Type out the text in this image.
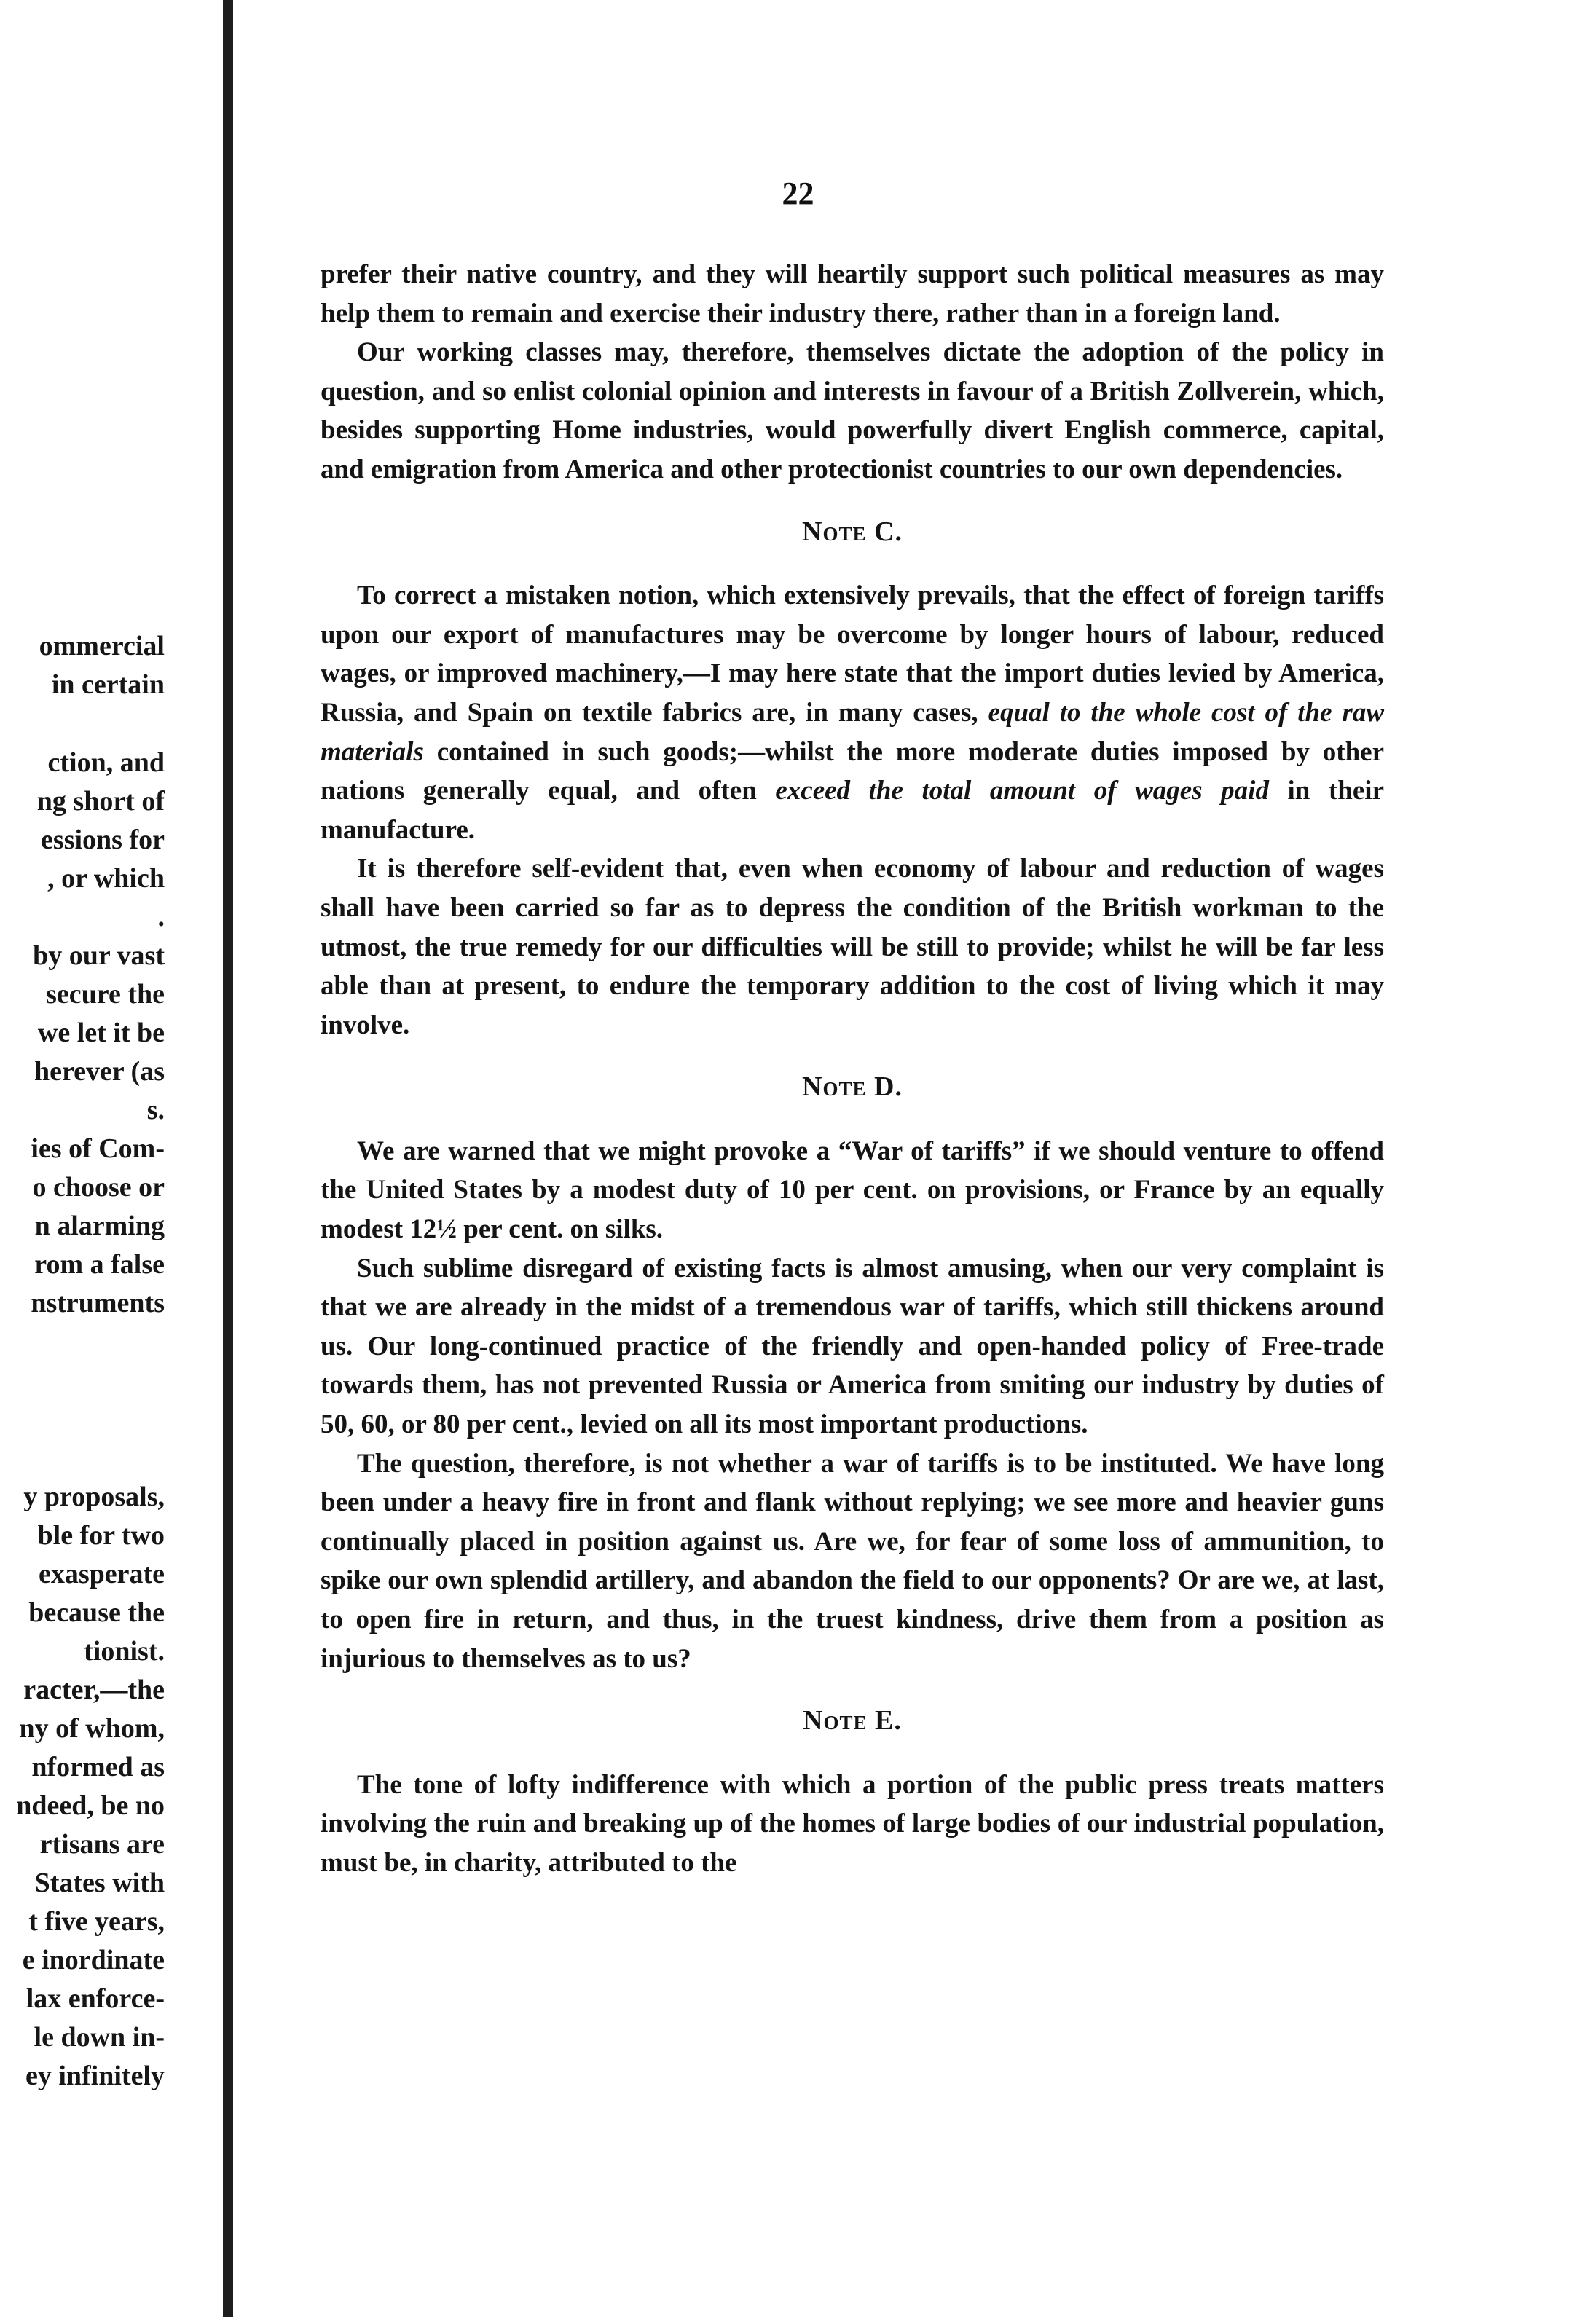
ommercial
in certain
ction, and
ng short of
essions for
, or which
.
by our vast
secure the
we let it be
herever (as
s.
ies of Com-
o choose or
n alarming
rom a false
nstruments
y proposals,
ble for two
exasperate
because the
tionist.
racter,—the
ny of whom,
nformed as
ndeed, be no
rtisans are
States with
t five years,
e inordinate
lax enforce-
le down in-
ey infinitely
22

prefer their native country, and they will heartily support such political measures as may help them to remain and exercise their industry there, rather than in a foreign land.

Our working classes may, therefore, themselves dictate the adoption of the policy in question, and so enlist colonial opinion and interests in favour of a British Zollverein, which, besides supporting Home industries, would powerfully divert English commerce, capital, and emigration from America and other protectionist countries to our own dependencies.

Note C.

To correct a mistaken notion, which extensively prevails, that the effect of foreign tariffs upon our export of manufactures may be overcome by longer hours of labour, reduced wages, or improved machinery,—I may here state that the import duties levied by America, Russia, and Spain on textile fabrics are, in many cases, equal to the whole cost of the raw materials contained in such goods;—whilst the more moderate duties imposed by other nations generally equal, and often exceed the total amount of wages paid in their manufacture.

It is therefore self-evident that, even when economy of labour and reduction of wages shall have been carried so far as to depress the condition of the British workman to the utmost, the true remedy for our difficulties will be still to provide; whilst he will be far less able than at present, to endure the temporary addition to the cost of living which it may involve.

Note D.

We are warned that we might provoke a “War of tariffs” if we should venture to offend the United States by a modest duty of 10 per cent. on provisions, or France by an equally modest 12½ per cent. on silks.

Such sublime disregard of existing facts is almost amusing, when our very complaint is that we are already in the midst of a tremendous war of tariffs, which still thickens around us. Our long-continued practice of the friendly and open-handed policy of Free-trade towards them, has not prevented Russia or America from smiting our industry by duties of 50, 60, or 80 per cent., levied on all its most important productions.

The question, therefore, is not whether a war of tariffs is to be instituted. We have long been under a heavy fire in front and flank without replying; we see more and heavier guns continually placed in position against us. Are we, for fear of some loss of ammunition, to spike our own splendid artillery, and abandon the field to our opponents? Or are we, at last, to open fire in return, and thus, in the truest kindness, drive them from a position as injurious to themselves as to us?

Note E.

The tone of lofty indifference with which a portion of the public press treats matters involving the ruin and breaking up of the homes of large bodies of our industrial population, must be, in charity, attributed to the
